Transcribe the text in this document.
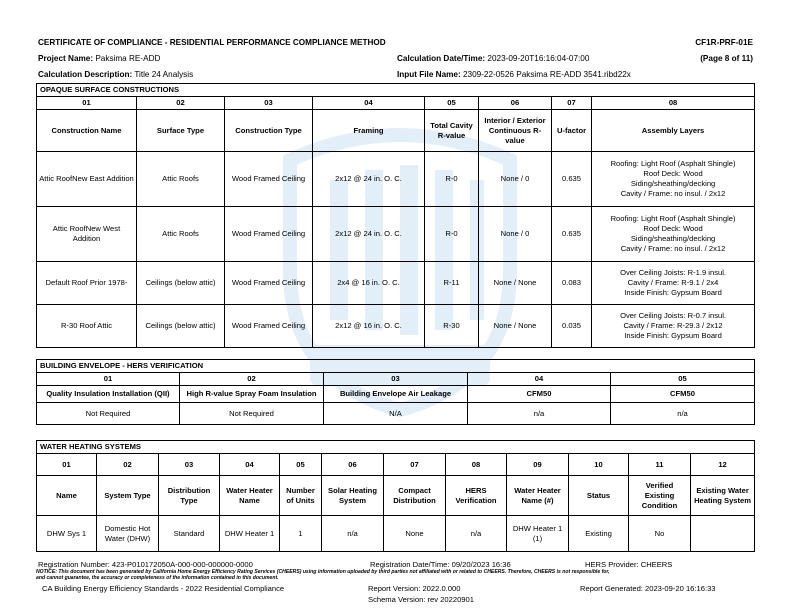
CERTIFICATE OF COMPLIANCE - RESIDENTIAL PERFORMANCE COMPLIANCE METHOD	CF1R-PRF-01E
Project Name: Paksima RE-ADD	Calculation Date/Time: 2023-09-20T16:16:04-07:00	(Page 8 of 11)
Calculation Description: Title 24 Analysis	Input File Name: 2309-22-0526 Paksima RE-ADD 3541.ribd22x
OPAQUE SURFACE CONSTRUCTIONS							
01	02	03	04	05	06	07	08
Construction Name	Surface Type	Construction Type	Framing	Total Cavity R-value	Interior / Exterior Continuous R-value	U-factor	Assembly Layers
Attic RoofNew East Addition	Attic Roofs	Wood Framed Ceiling	2x12 @ 24 in. O. C.	R-0	None / 0	0.635	Roofing: Light Roof (Asphalt Shingle)
Roof Deck: Wood
Siding/sheathing/decking
Cavity / Frame: no insul. / 2x12

Attic RoofNew West Addition	Attic Roofs	Wood Framed Ceiling	2x12 @ 24 in. O. C.	R-0	None / 0	0.635	Roofing: Light Roof (Asphalt Shingle)
Roof Deck: Wood
Siding/sheathing/decking
Cavity / Frame: no insul. / 2x12

Default Roof Prior 1978-	Ceilings (below attic)	Wood Framed Ceiling	2x4 @ 16 in. O. C.	R-11	None / None	0.083	Over Ceiling Joists: R-1.9 insul.
Cavity / Frame: R-9.1 / 2x4
Inside Finish: Gypsum Board

R-30 Roof Attic	Ceilings (below attic)	Wood Framed Ceiling	2x12 @ 16 in. O. C.	R-30	None / None	0.035	Over Ceiling Joists: R-0.7 insul.
Cavity / Frame: R-29.3 / 2x12
Inside Finish: Gypsum Board
BUILDING ENVELOPE - HERS VERIFICATION				
01	02	03	04	05
Quality Insulation Installation (QII)	High R-value Spray Foam Insulation	Building Envelope Air Leakage	CFM50	CFM50
Not Required	Not Required	N/A	n/a	n/a
WATER HEATING SYSTEMS											
01	02	03	04	05	06	07	08	09	10	11	12
Name	System Type	Distribution Type	Water Heater Name	Number of Units	Solar Heating System	Compact Distribution	HERS Verification	Water Heater Name (#)	Status	Verified Existing Condition	Existing Water Heating System
DHW Sys 1	Domestic Hot Water (DHW)	Standard	DHW Heater 1	1	n/a	None	n/a	DHW Heater 1 (1)	Existing	No	
Registration Number: 423-P010172050A-000-000-000000-0000	Registration Date/Time: 09/20/2023 16:36	HERS Provider: CHEERS
NOTICE: This document has been generated by California Home Energy Efficiency Rating Services (CHEERS) using information uploaded by third parties not affiliated with or related to CHEERS. Therefore, CHEERS is not responsible for,
and cannot guarantee, the accuracy or completeness of the information contained in this document.
CA Building Energy Efficiency Standards - 2022 Residential Compliance	Report Version: 2022.0.000
Schema Version: rev 20220901
Report Generated: 2023-09-20 16:16:33
